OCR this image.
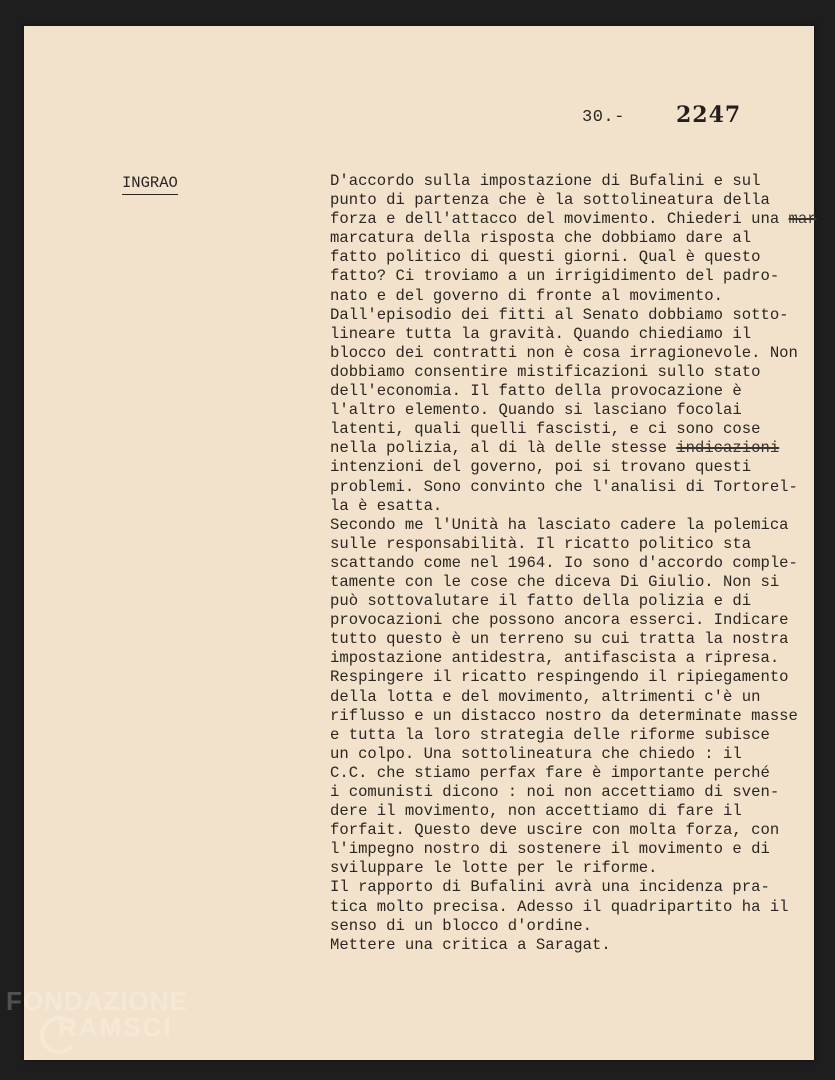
30.- 2247
INGRAO	D'accordo sulla impostazione di Bufalini e sul
punto di partenza che è la sottolineatura della
forza e dell'attacco del movimento. Chiederi una mar
marcatura della risposta che dobbiamo dare al
fatto politico di questi giorni. Qual è questo
fatto? Ci troviamo a un irrigidimento del padro-
nato e del governo di fronte al movimento.
Dall'episodio dei fitti al Senato dobbiamo sotto-
lineare tutta la gravità. Quando chiediamo il
blocco dei contratti non è cosa irragionevole. Non
dobbiamo consentire mistificazioni sullo stato
dell'economia. Il fatto della provocazione è
l'altro elemento. Quando si lasciano focolai
latenti, quali quelli fascisti, e ci sono cose
nella polizia, al di là delle stesse indicazioni
intenzioni del governo, poi si trovano questi
problemi. Sono convinto che l'analisi di Tortorel-
la è esatta.
Secondo me l'Unità ha lasciato cadere la polemica
sulle responsabilità. Il ricatto politico sta
scattando come nel 1964. Io sono d'accordo comple-
tamente con le cose che diceva Di Giulio. Non si
può sottovalutare il fatto della polizia e di
provocazioni che possono ancora esserci. Indicare
tutto questo è un terreno su cui tratta la nostra
impostazione antidestra, antifascista a ripresa.
Respingere il ricatto respingendo il ripiegamento
della lotta e del movimento, altrimenti c'è un
riflusso e un distacco nostro da determinate masse
e tutta la loro strategia delle riforme subisce
un colpo. Una sottolineatura che chiedo : il
C.C. che stiamo perfax fare è importante perché
i comunisti dicono : noi non accettiamo di sven-
dere il movimento, non accettiamo di fare il
forfait. Questo deve uscire con molta forza, con
l'impegno nostro di sostenere il movimento e di
sviluppare le lotte per le riforme.
Il rapporto di Bufalini avrà una incidenza pra-
tica molto precisa. Adesso il quadripartito ha il
senso di un blocco d'ordine.
Mettere una critica a Saragat.
FONDAZIONE
RAMSCI
